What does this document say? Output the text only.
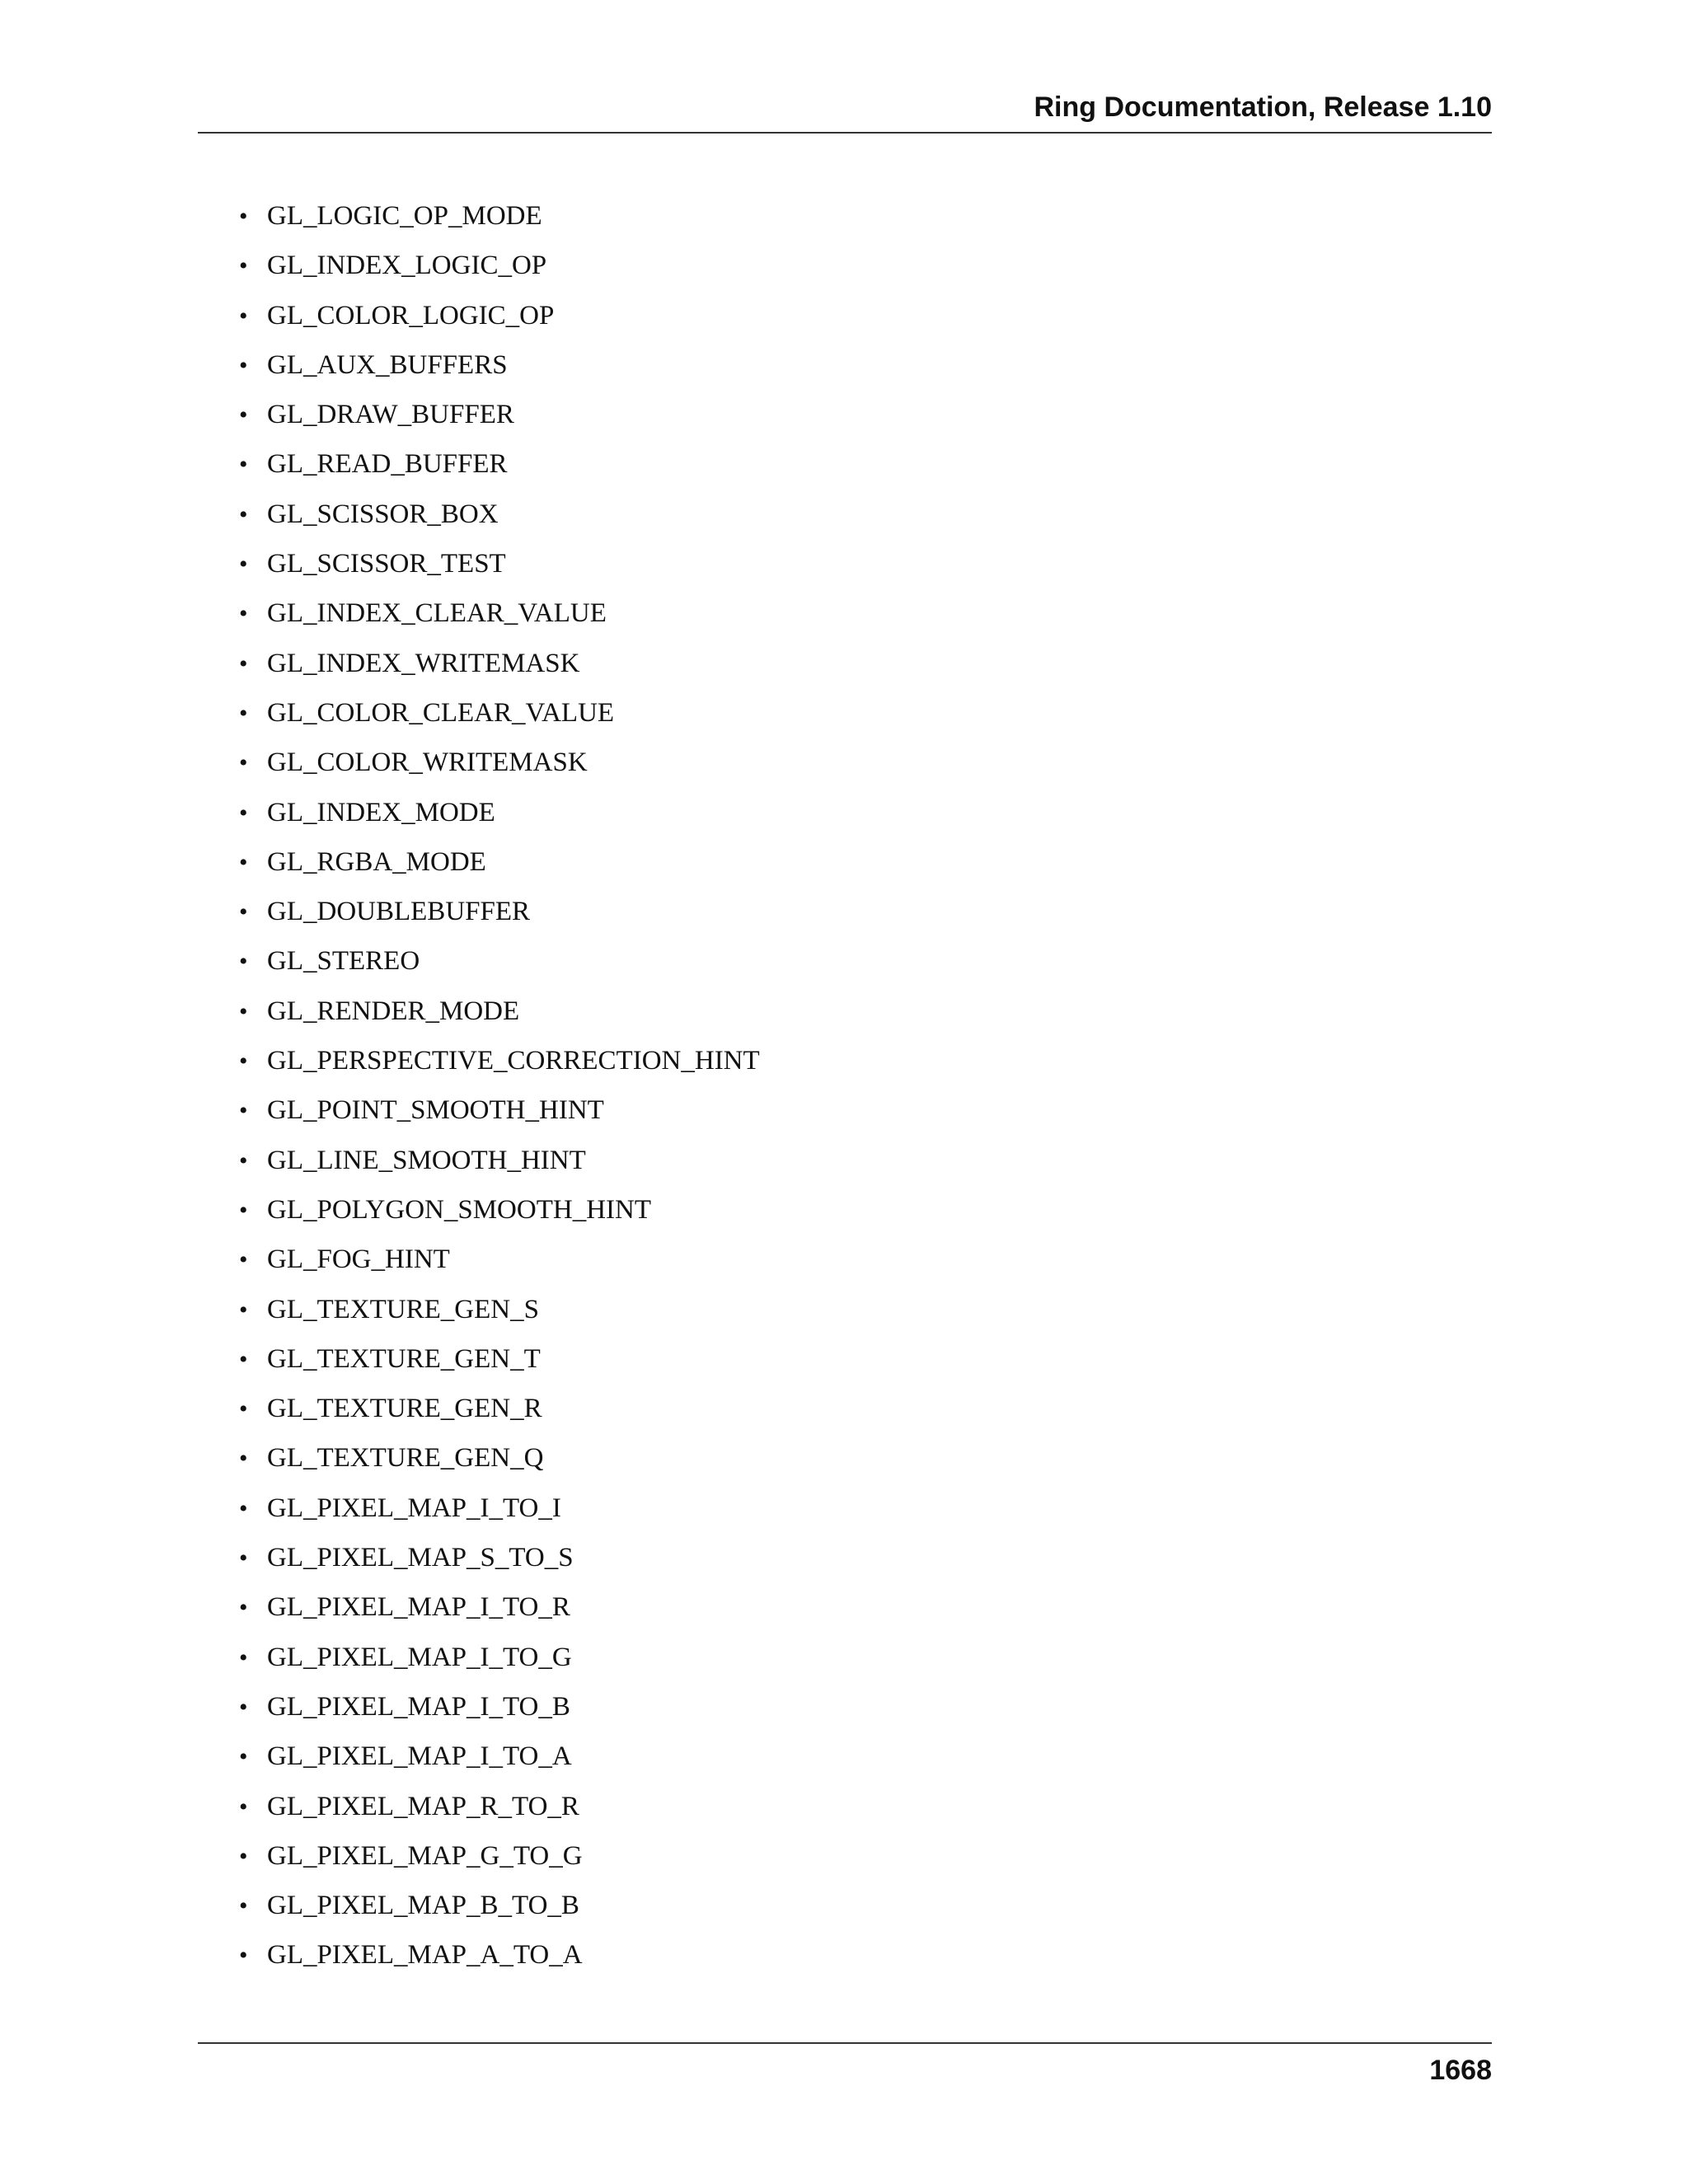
Ring Documentation, Release 1.10
• GL_LOGIC_OP_MODE
• GL_INDEX_LOGIC_OP
• GL_COLOR_LOGIC_OP
• GL_AUX_BUFFERS
• GL_DRAW_BUFFER
• GL_READ_BUFFER
• GL_SCISSOR_BOX
• GL_SCISSOR_TEST
• GL_INDEX_CLEAR_VALUE
• GL_INDEX_WRITEMASK
• GL_COLOR_CLEAR_VALUE
• GL_COLOR_WRITEMASK
• GL_INDEX_MODE
• GL_RGBA_MODE
• GL_DOUBLEBUFFER
• GL_STEREO
• GL_RENDER_MODE
• GL_PERSPECTIVE_CORRECTION_HINT
• GL_POINT_SMOOTH_HINT
• GL_LINE_SMOOTH_HINT
• GL_POLYGON_SMOOTH_HINT
• GL_FOG_HINT
• GL_TEXTURE_GEN_S
• GL_TEXTURE_GEN_T
• GL_TEXTURE_GEN_R
• GL_TEXTURE_GEN_Q
• GL_PIXEL_MAP_I_TO_I
• GL_PIXEL_MAP_S_TO_S
• GL_PIXEL_MAP_I_TO_R
• GL_PIXEL_MAP_I_TO_G
• GL_PIXEL_MAP_I_TO_B
• GL_PIXEL_MAP_I_TO_A
• GL_PIXEL_MAP_R_TO_R
• GL_PIXEL_MAP_G_TO_G
• GL_PIXEL_MAP_B_TO_B
• GL_PIXEL_MAP_A_TO_A
1668
